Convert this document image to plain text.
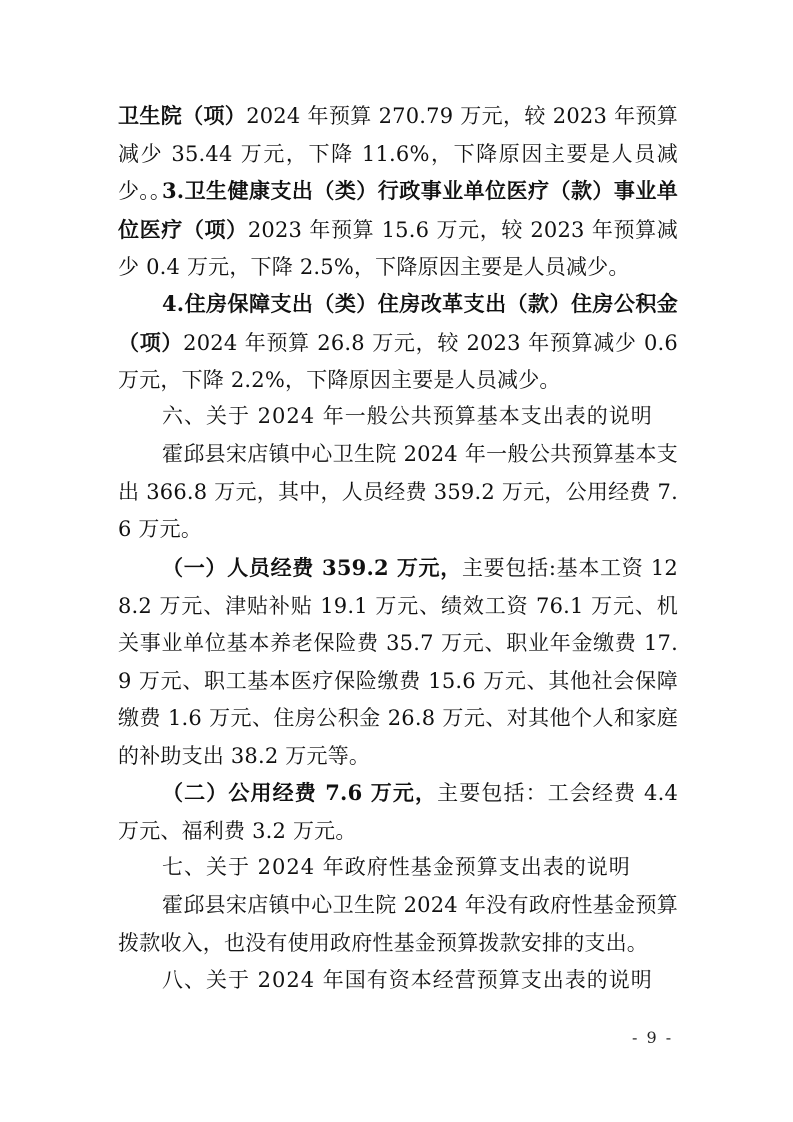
卫生院（项）2024 年预算 270.79 万元，较 2023 年预算减少 35.44 万元，下降 11.6%，下降原因主要是人员减少。。

3.卫生健康支出（类）行政事业单位医疗（款）事业单位医疗（项）2023 年预算 15.6 万元，较 2023 年预算减少 0.4 万元，下降 2.5%，下降原因主要是人员减少。

4.住房保障支出（类）住房改革支出（款）住房公积金（项）2024 年预算 26.8 万元，较 2023 年预算减少 0.6 万元，下降 2.2%，下降原因主要是人员减少。

六、关于 2024 年一般公共预算基本支出表的说明

霍邱县宋店镇中心卫生院 2024 年一般公共预算基本支出 366.8 万元，其中，人员经费 359.2 万元，公用经费 7.6 万元。

（一）人员经费 359.2 万元，主要包括:基本工资 128.2 万元、津贴补贴 19.1 万元、绩效工资 76.1 万元、机关事业单位基本养老保险费 35.7 万元、职业年金缴费 17.9 万元、职工基本医疗保险缴费 15.6 万元、其他社会保障缴费 1.6 万元、住房公积金 26.8 万元、对其他个人和家庭的补助支出 38.2 万元等。

（二）公用经费 7.6 万元，主要包括：工会经费 4.4 万元、福利费 3.2 万元。

七、关于 2024 年政府性基金预算支出表的说明

霍邱县宋店镇中心卫生院 2024 年没有政府性基金预算拨款收入，也没有使用政府性基金预算拨款安排的支出。

八、关于 2024 年国有资本经营预算支出表的说明

- 9 -
